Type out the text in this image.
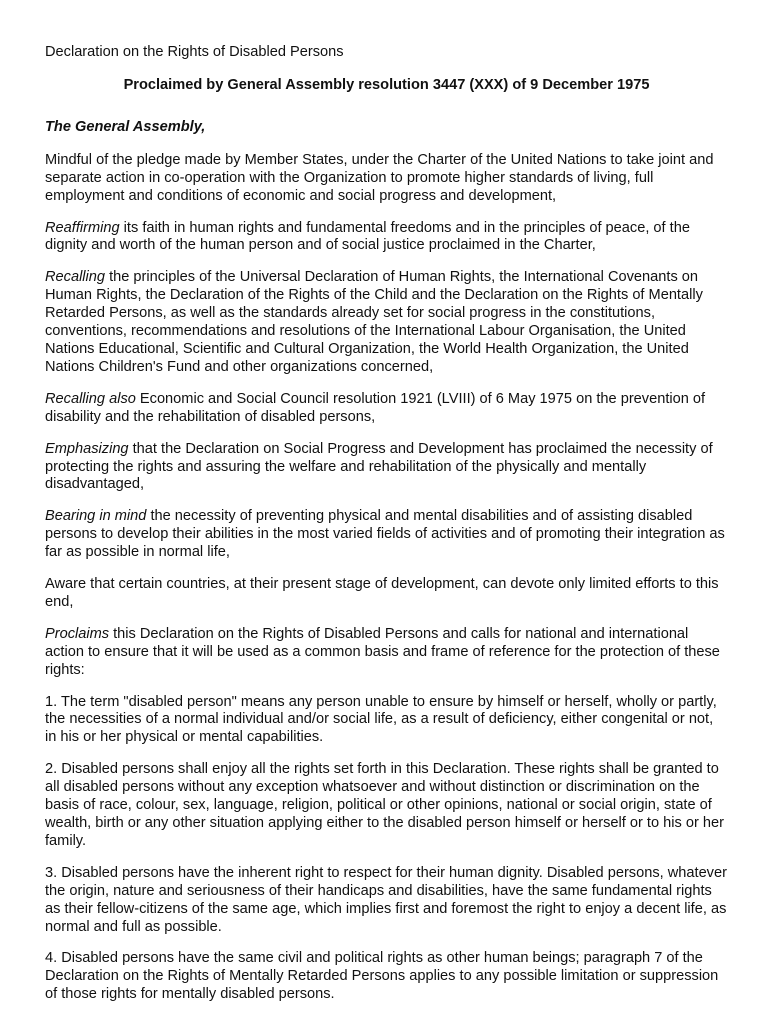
Declaration on the Rights of Disabled Persons
Proclaimed by General Assembly resolution 3447 (XXX) of 9 December 1975
The General Assembly,

Mindful of the pledge made by Member States, under the Charter of the United Nations to take joint and separate action in co-operation with the Organization to promote higher standards of living, full employment and conditions of economic and social progress and development,

Reaffirming its faith in human rights and fundamental freedoms and in the principles of peace, of the dignity and worth of the human person and of social justice proclaimed in the Charter,

Recalling the principles of the Universal Declaration of Human Rights, the International Covenants on Human Rights, the Declaration of the Rights of the Child and the Declaration on the Rights of Mentally Retarded Persons, as well as the standards already set for social progress in the constitutions, conventions, recommendations and resolutions of the International Labour Organisation, the United Nations Educational, Scientific and Cultural Organization, the World Health Organization, the United Nations Children's Fund and other organizations concerned,

Recalling also Economic and Social Council resolution 1921 (LVIII) of 6 May 1975 on the prevention of disability and the rehabilitation of disabled persons,

Emphasizing that the Declaration on Social Progress and Development has proclaimed the necessity of protecting the rights and assuring the welfare and rehabilitation of the physically and mentally disadvantaged,

Bearing in mind the necessity of preventing physical and mental disabilities and of assisting disabled persons to develop their abilities in the most varied fields of activities and of promoting their integration as far as possible in normal life,

Aware that certain countries, at their present stage of development, can devote only limited efforts to this end,

Proclaims this Declaration on the Rights of Disabled Persons and calls for national and international action to ensure that it will be used as a common basis and frame of reference for the protection of these rights:

1. The term "disabled person" means any person unable to ensure by himself or herself, wholly or partly, the necessities of a normal individual and/or social life, as a result of deficiency, either congenital or not, in his or her physical or mental capabilities.

2. Disabled persons shall enjoy all the rights set forth in this Declaration. These rights shall be granted to all disabled persons without any exception whatsoever and without distinction or discrimination on the basis of race, colour, sex, language, religion, political or other opinions, national or social origin, state of wealth, birth or any other situation applying either to the disabled person himself or herself or to his or her family.

3. Disabled persons have the inherent right to respect for their human dignity. Disabled persons, whatever the origin, nature and seriousness of their handicaps and disabilities, have the same fundamental rights as their fellow-citizens of the same age, which implies first and foremost the right to enjoy a decent life, as normal and full as possible.

4. Disabled persons have the same civil and political rights as other human beings; paragraph 7 of the Declaration on the Rights of Mentally Retarded Persons applies to any possible limitation or suppression of those rights for mentally disabled persons.
